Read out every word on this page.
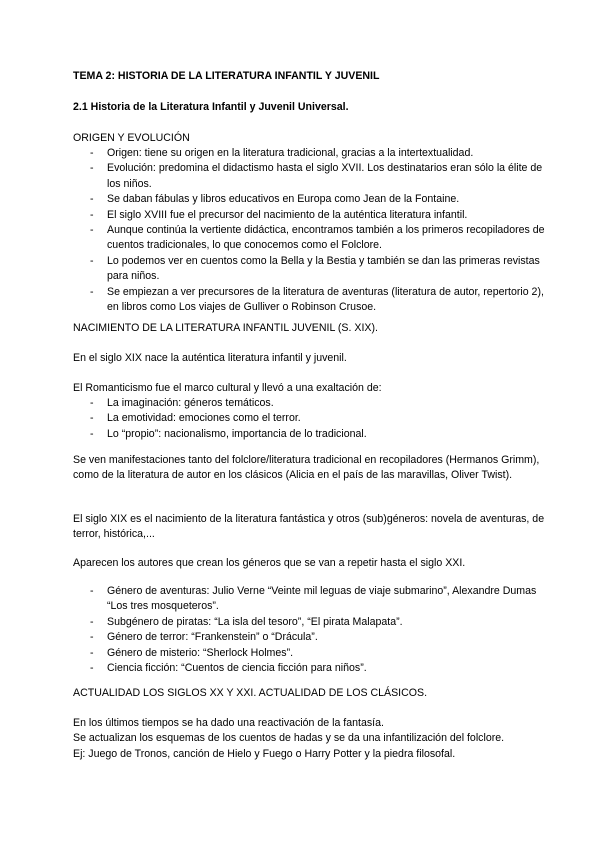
TEMA 2: HISTORIA DE LA LITERATURA INFANTIL Y JUVENIL

2.1 Historia de la Literatura Infantil y Juvenil Universal.

ORIGEN Y EVOLUCIÓN

- Origen: tiene su origen en la literatura tradicional, gracias a la intertextualidad.
- Evolución: predomina el didactismo hasta el siglo XVII. Los destinatarios eran sólo la élite de los niños.
- Se daban fábulas y libros educativos en Europa como Jean de la Fontaine.
- El siglo XVIII fue el precursor del nacimiento de la auténtica literatura infantil.
- Aunque continúa la vertiente didáctica, encontramos también a los primeros recopiladores de cuentos tradicionales, lo que conocemos como el Folclore.
- Lo podemos ver en cuentos como la Bella y la Bestia y también se dan las primeras revistas para niños.
- Se empiezan a ver precursores de la literatura de aventuras (literatura de autor, repertorio 2), en libros como Los viajes de Gulliver o Robinson Crusoe.

NACIMIENTO DE LA LITERATURA INFANTIL JUVENIL (S. XIX).

En el siglo XIX nace la auténtica literatura infantil y juvenil.

El Romanticismo fue el marco cultural y llevó a una exaltación de:

- La imaginación: géneros temáticos.
- La emotividad: emociones como el terror.
- Lo “propio”: nacionalismo, importancia de lo tradicional.

Se ven manifestaciones tanto del folclore/literatura tradicional en recopiladores (Hermanos Grimm), como de la literatura de autor en los clásicos (Alicia en el país de las maravillas, Oliver Twist).

El siglo XIX es el nacimiento de la literatura fantástica y otros (sub)géneros: novela de aventuras, de terror, histórica,...

Aparecen los autores que crean los géneros que se van a repetir hasta el siglo XXI.

- Género de aventuras: Julio Verne “Veinte mil leguas de viaje submarino”, Alexandre Dumas “Los tres mosqueteros”.
- Subgénero de piratas: “La isla del tesoro”, “El pirata Malapata”.
- Género de terror: “Frankenstein” o “Drácula”.
- Género de misterio: “Sherlock Holmes”.
- Ciencia ficción: “Cuentos de ciencia ficción para niños”.

ACTUALIDAD LOS SIGLOS XX Y XXI. ACTUALIDAD DE LOS CLÁSICOS.

En los últimos tiempos se ha dado una reactivación de la fantasía.
Se actualizan los esquemas de los cuentos de hadas y se da una infantilización del folclore.
Ej: Juego de Tronos, canción de Hielo y Fuego o Harry Potter y la piedra filosofal.
